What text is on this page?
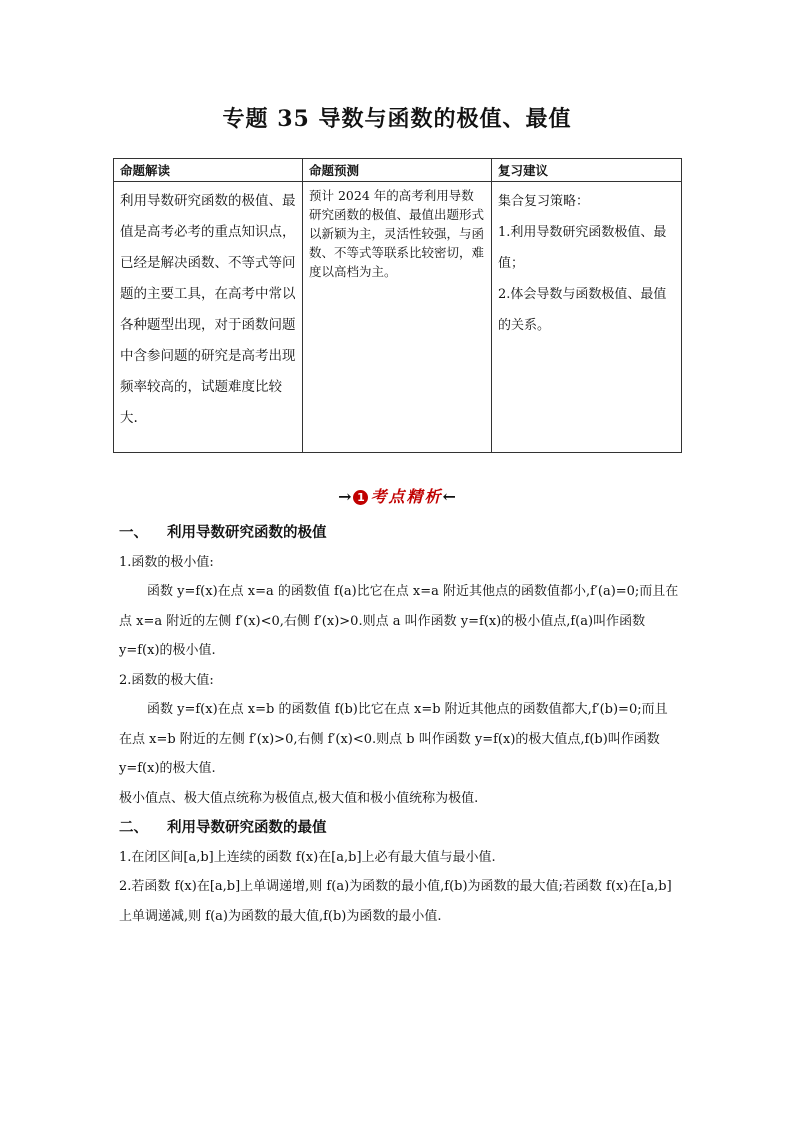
专题 35 导数与函数的极值、最值
命题解读	命题预测	复习建议
利用导数研究函数的极值、最值是高考必考的重点知识点，已经是解决函数、不等式等问题的主要工具，在高考中常以各种题型出现，对于函数问题中含参问题的研究是高考出现频率较高的，试题难度比较大.	预计 2024 年的高考利用导数研究函数的极值、最值出题形式以新颖为主，灵活性较强，与函数、不等式等联系比较密切，难度以高档为主。	集合复习策略：
1.利用导数研究函数极值、最值；
2.体会导数与函数极值、最值的关系。
→ 1 考点精析←

一、 利用导数研究函数的极值

1.函数的极小值:

函数 y=f(x)在点 x=a 的函数值 f(a)比它在点 x=a 附近其他点的函数值都小,f′(a)=0;而且在点 x=a 附近的左侧 f′(x)<0,右侧 f′(x)>0.则点 a 叫作函数 y=f(x)的极小值点,f(a)叫作函数 y=f(x)的极小值.

2.函数的极大值:

函数 y=f(x)在点 x=b 的函数值 f(b)比它在点 x=b 附近其他点的函数值都大,f′(b)=0;而且在点 x=b 附近的左侧 f′(x)>0,右侧 f′(x)<0.则点 b 叫作函数 y=f(x)的极大值点,f(b)叫作函数 y=f(x)的极大值.

极小值点、极大值点统称为极值点,极大值和极小值统称为极值.

二、 利用导数研究函数的最值

1.在闭区间[a,b]上连续的函数 f(x)在[a,b]上必有最大值与最小值.

2.若函数 f(x)在[a,b]上单调递增,则 f(a)为函数的最小值,f(b)为函数的最大值;若函数 f(x)在[a,b]上单调递减,则 f(a)为函数的最大值,f(b)为函数的最小值.
